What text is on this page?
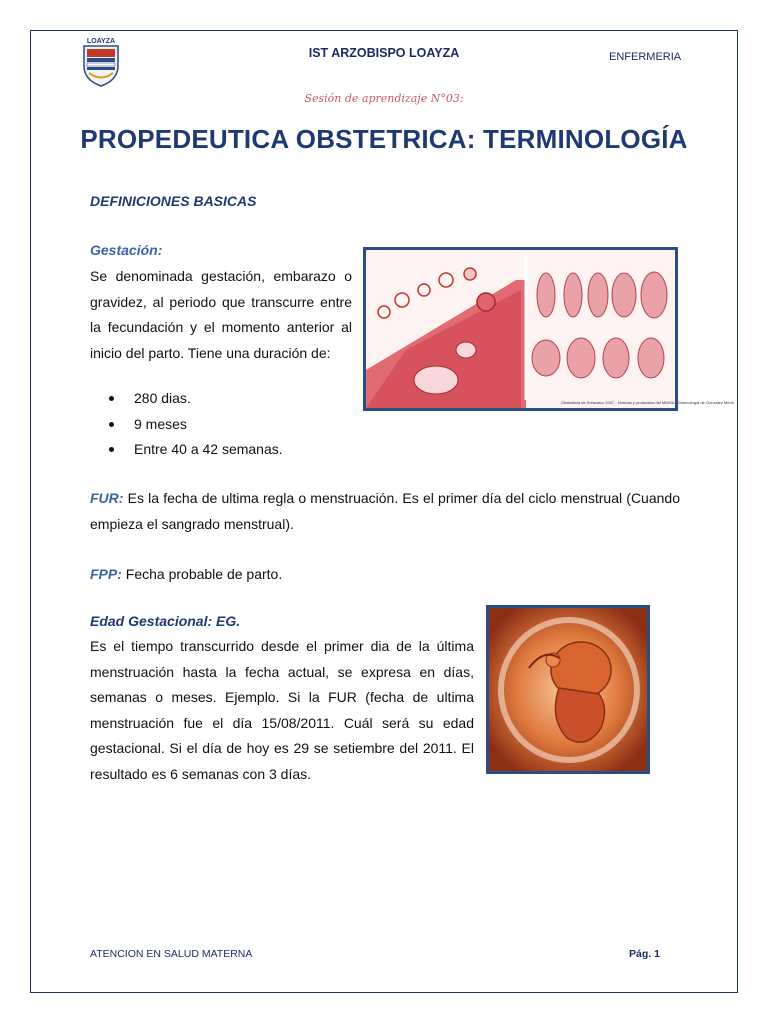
LOAYZA
IST ARZOBISPO LOAYZA	ENFERMERIA
Sesión de aprendizaje N°03:
PROPEDEUTICA OBSTETRICA: TERMINOLOGÍA
DEFINICIONES BASICAS
Gestación:
Se denominada gestación, embarazo o gravidez, al periodo que transcurre entre la fecundación y el momento anterior al inicio del parto. Tiene una duración de:
280 dias.
9 meses
Entre 40 a 42 semanas.
Obstetricia de Schwarcz 2007 - Normas y protocolos del MINSA - Ginecología de Gonzalez Merlo
FUR: Es la fecha de ultima regla o menstruación. Es el primer día del ciclo menstrual (Cuando empieza el sangrado menstrual).
FPP: Fecha probable de parto.
Edad Gestacional: EG.
Es el tiempo transcurrido desde el primer dia de la última menstruación hasta la fecha actual, se expresa en días, semanas o meses. Ejemplo. Si la FUR (fecha de ultima menstruación fue el día 15/08/2011. Cuál será su edad gestacional. Si el día de hoy es 29 se setiembre del 2011. El resultado es 6 semanas con 3 días.
ATENCION EN SALUD MATERNA	Pág. 1
